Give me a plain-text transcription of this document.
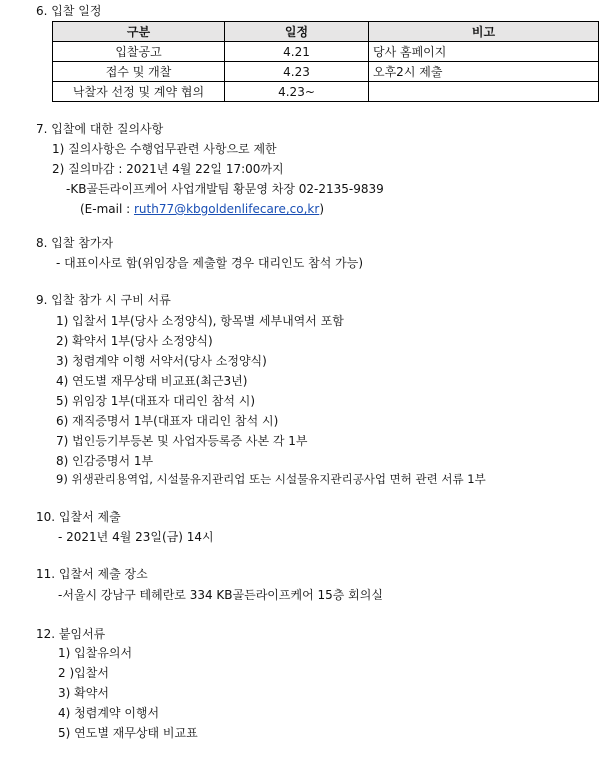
6. 입찰 일정
구분	일정	비고
입찰공고	4.21	당사 홈페이지
접수 및 개찰	4.23	오후2시 제출
낙찰자 선정 및 계약 협의	4.23~	
7. 입찰에 대한 질의사항
1) 질의사항은 수행업무관련 사항으로 제한
2) 질의마감 : 2021년 4월 22일 17:00까지
-KB골든라이프케어 사업개발팀 황문영 차장 02-2135-9839
(E-mail : ruth77@kbgoldenlifecare,co,kr)
8. 입찰 참가자
- 대표이사로 함(위임장을 제출할 경우 대리인도 참석 가능)
9. 입찰 참가 시 구비 서류
1) 입찰서 1부(당사 소정양식), 항목별 세부내역서 포함
2) 확약서 1부(당사 소정양식)
3) 청렴계약 이행 서약서(당사 소정양식)
4) 연도별 재무상태 비교표(최근3년)
5) 위임장 1부(대표자 대리인 참석 시)
6) 재직증명서 1부(대표자 대리인 참석 시)
7) 법인등기부등본 및 사업자등록증 사본 각 1부
8) 인감증명서 1부
9) 위생관리용역업, 시설물유지관리업 또는 시설물유지관리공사업 면허 관련 서류 1부
10. 입찰서 제출
- 2021년 4월 23일(금) 14시
11. 입찰서 제출 장소
-서울시 강남구 테헤란로 334 KB골든라이프케어 15층 회의실
12. 붙임서류
1) 입찰유의서
2 )입찰서
3) 확약서
4) 청렴계약 이행서
5) 연도별 재무상태 비교표
